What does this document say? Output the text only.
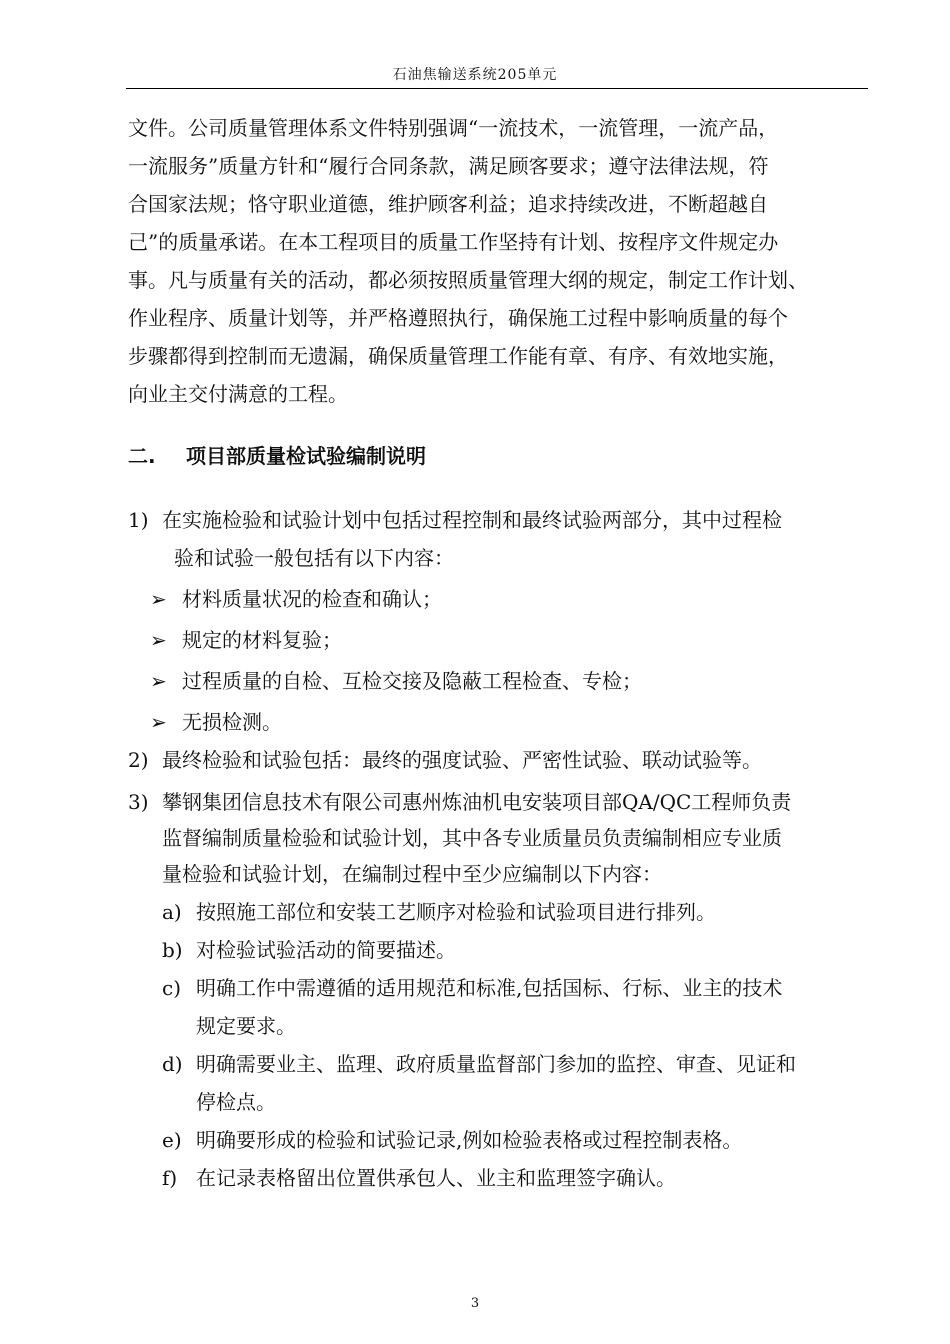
石油焦输送系统205单元
文件。公司质量管理体系文件特别强调“一流技术，一流管理，一流产品，
一流服务”质量方针和“履行合同条款，满足顾客要求；遵守法律法规，符
合国家法规；恪守职业道德，维护顾客利益；追求持续改进，不断超越自
己”的质量承诺。在本工程项目的质量工作坚持有计划、按程序文件规定办
事。凡与质量有关的活动，都必须按照质量管理大纲的规定，制定工作计划、
作业程序、质量计划等，并严格遵照执行，确保施工过程中影响质量的每个
步骤都得到控制而无遗漏，确保质量管理工作能有章、有序、有效地实施，
向业主交付满意的工程。
二. 项目部质量检试验编制说明
1) 在实施检验和试验计划中包括过程控制和最终试验两部分，其中过程检
验和试验一般包括有以下内容：
➢ 材料质量状况的检查和确认；
➢ 规定的材料复验；
➢ 过程质量的自检、互检交接及隐蔽工程检查、专检；
➢ 无损检测。
2) 最终检验和试验包括：最终的强度试验、严密性试验、联动试验等。
3) 攀钢集团信息技术有限公司惠州炼油机电安装项目部QA/QC工程师负责
监督编制质量检验和试验计划，其中各专业质量员负责编制相应专业质
量检验和试验计划，在编制过程中至少应编制以下内容：
a) 按照施工部位和安装工艺顺序对检验和试验项目进行排列。
b) 对检验试验活动的简要描述。
c) 明确工作中需遵循的适用规范和标准,包括国标、行标、业主的技术
规定要求。
d) 明确需要业主、监理、政府质量监督部门参加的监控、审查、见证和
停检点。
e) 明确要形成的检验和试验记录,例如检验表格或过程控制表格。
f) 在记录表格留出位置供承包人、业主和监理签字确认。
3
